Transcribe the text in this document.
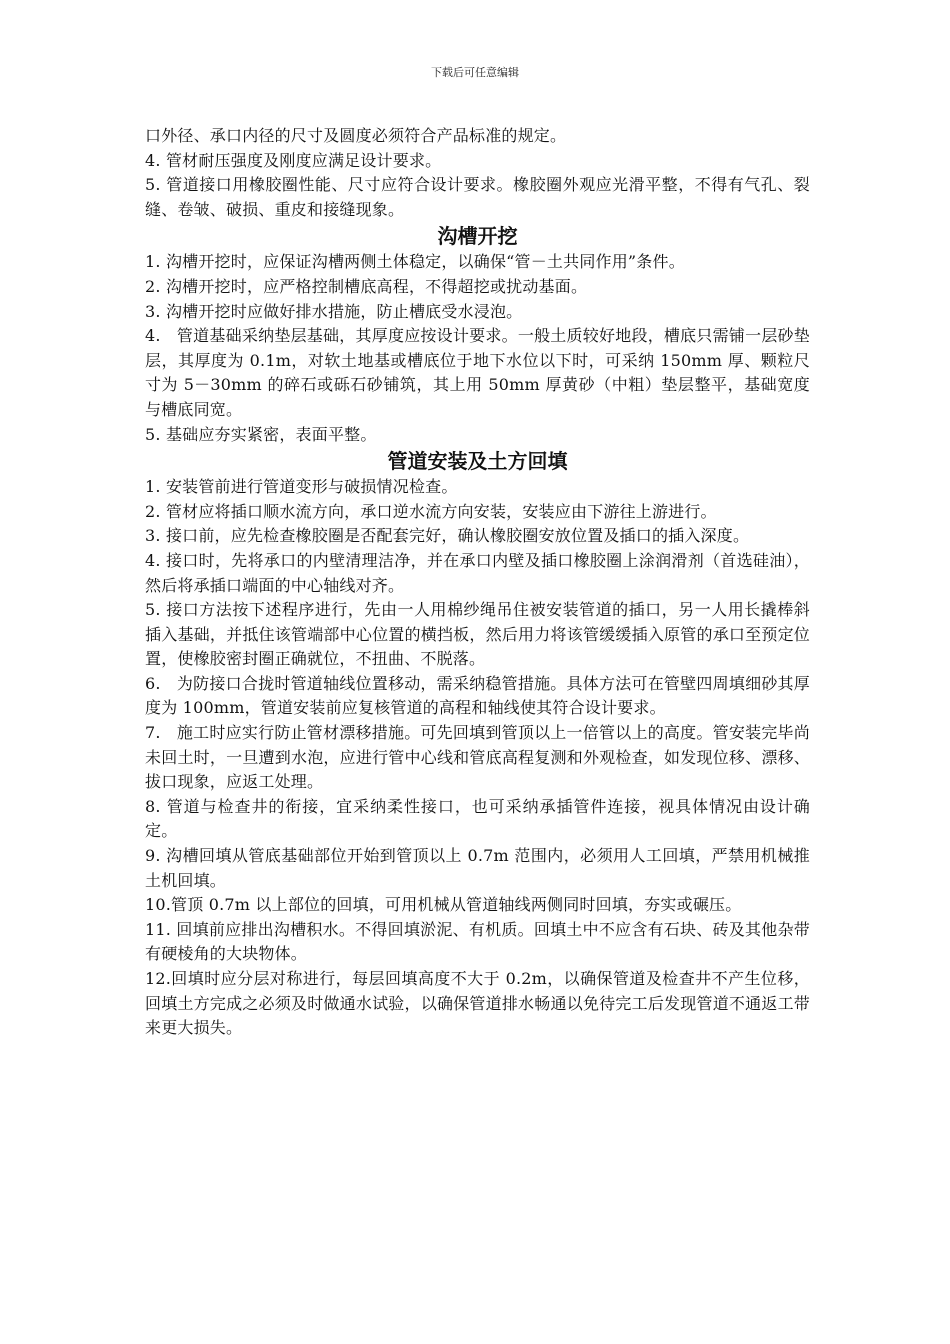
下载后可任意编辑

口外径、承口内径的尺寸及圆度必须符合产品标准的规定。

4. 管材耐压强度及刚度应满足设计要求。

5. 管道接口用橡胶圈性能、尺寸应符合设计要求。橡胶圈外观应光滑平整，不得有气孔、裂缝、卷皱、破损、重皮和接缝现象。

沟槽开挖

1. 沟槽开挖时，应保证沟槽两侧土体稳定，以确保“管－土共同作用”条件。

2. 沟槽开挖时，应严格控制槽底高程，不得超挖或扰动基面。

3. 沟槽开挖时应做好排水措施，防止槽底受水浸泡。

4.　管道基础采纳垫层基础，其厚度应按设计要求。一般土质较好地段，槽底只需铺一层砂垫层，其厚度为 0.1m，对软土地基或槽底位于地下水位以下时，可采纳 150mm 厚、颗粒尺寸为 5－30mm 的碎石或砾石砂铺筑，其上用 50mm 厚黄砂（中粗）垫层整平，基础宽度与槽底同宽。

5. 基础应夯实紧密，表面平整。

管道安装及土方回填

1. 安装管前进行管道变形与破损情况检查。

2. 管材应将插口顺水流方向，承口逆水流方向安装，安装应由下游往上游进行。

3. 接口前，应先检查橡胶圈是否配套完好，确认橡胶圈安放位置及插口的插入深度。

4. 接口时，先将承口的内壁清理洁净，并在承口内壁及插口橡胶圈上涂润滑剂（首选硅油），然后将承插口端面的中心轴线对齐。

5. 接口方法按下述程序进行，先由一人用棉纱绳吊住被安装管道的插口，另一人用长撬棒斜插入基础，并抵住该管端部中心位置的横挡板，然后用力将该管缓缓插入原管的承口至预定位置，使橡胶密封圈正确就位，不扭曲、不脱落。

6.　为防接口合拢时管道轴线位置移动，需采纳稳管措施。具体方法可在管壁四周填细砂其厚度为 100mm，管道安装前应复核管道的高程和轴线使其符合设计要求。

7.　施工时应实行防止管材漂移措施。可先回填到管顶以上一倍管以上的高度。管安装完毕尚未回土时，一旦遭到水泡，应进行管中心线和管底高程复测和外观检查，如发现位移、漂移、拔口现象，应返工处理。

8. 管道与检查井的衔接，宜采纳柔性接口，也可采纳承插管件连接，视具体情况由设计确定。

9. 沟槽回填从管底基础部位开始到管顶以上 0.7m 范围内，必须用人工回填，严禁用机械推土机回填。

10.管顶 0.7m 以上部位的回填，可用机械从管道轴线两侧同时回填，夯实或碾压。

11. 回填前应排出沟槽积水。不得回填淤泥、有机质。回填土中不应含有石块、砖及其他杂带有硬棱角的大块物体。

12.回填时应分层对称进行，每层回填高度不大于 0.2m，以确保管道及检查井不产生位移，回填土方完成之必须及时做通水试验，以确保管道排水畅通以免待完工后发现管道不通返工带来更大损失。
